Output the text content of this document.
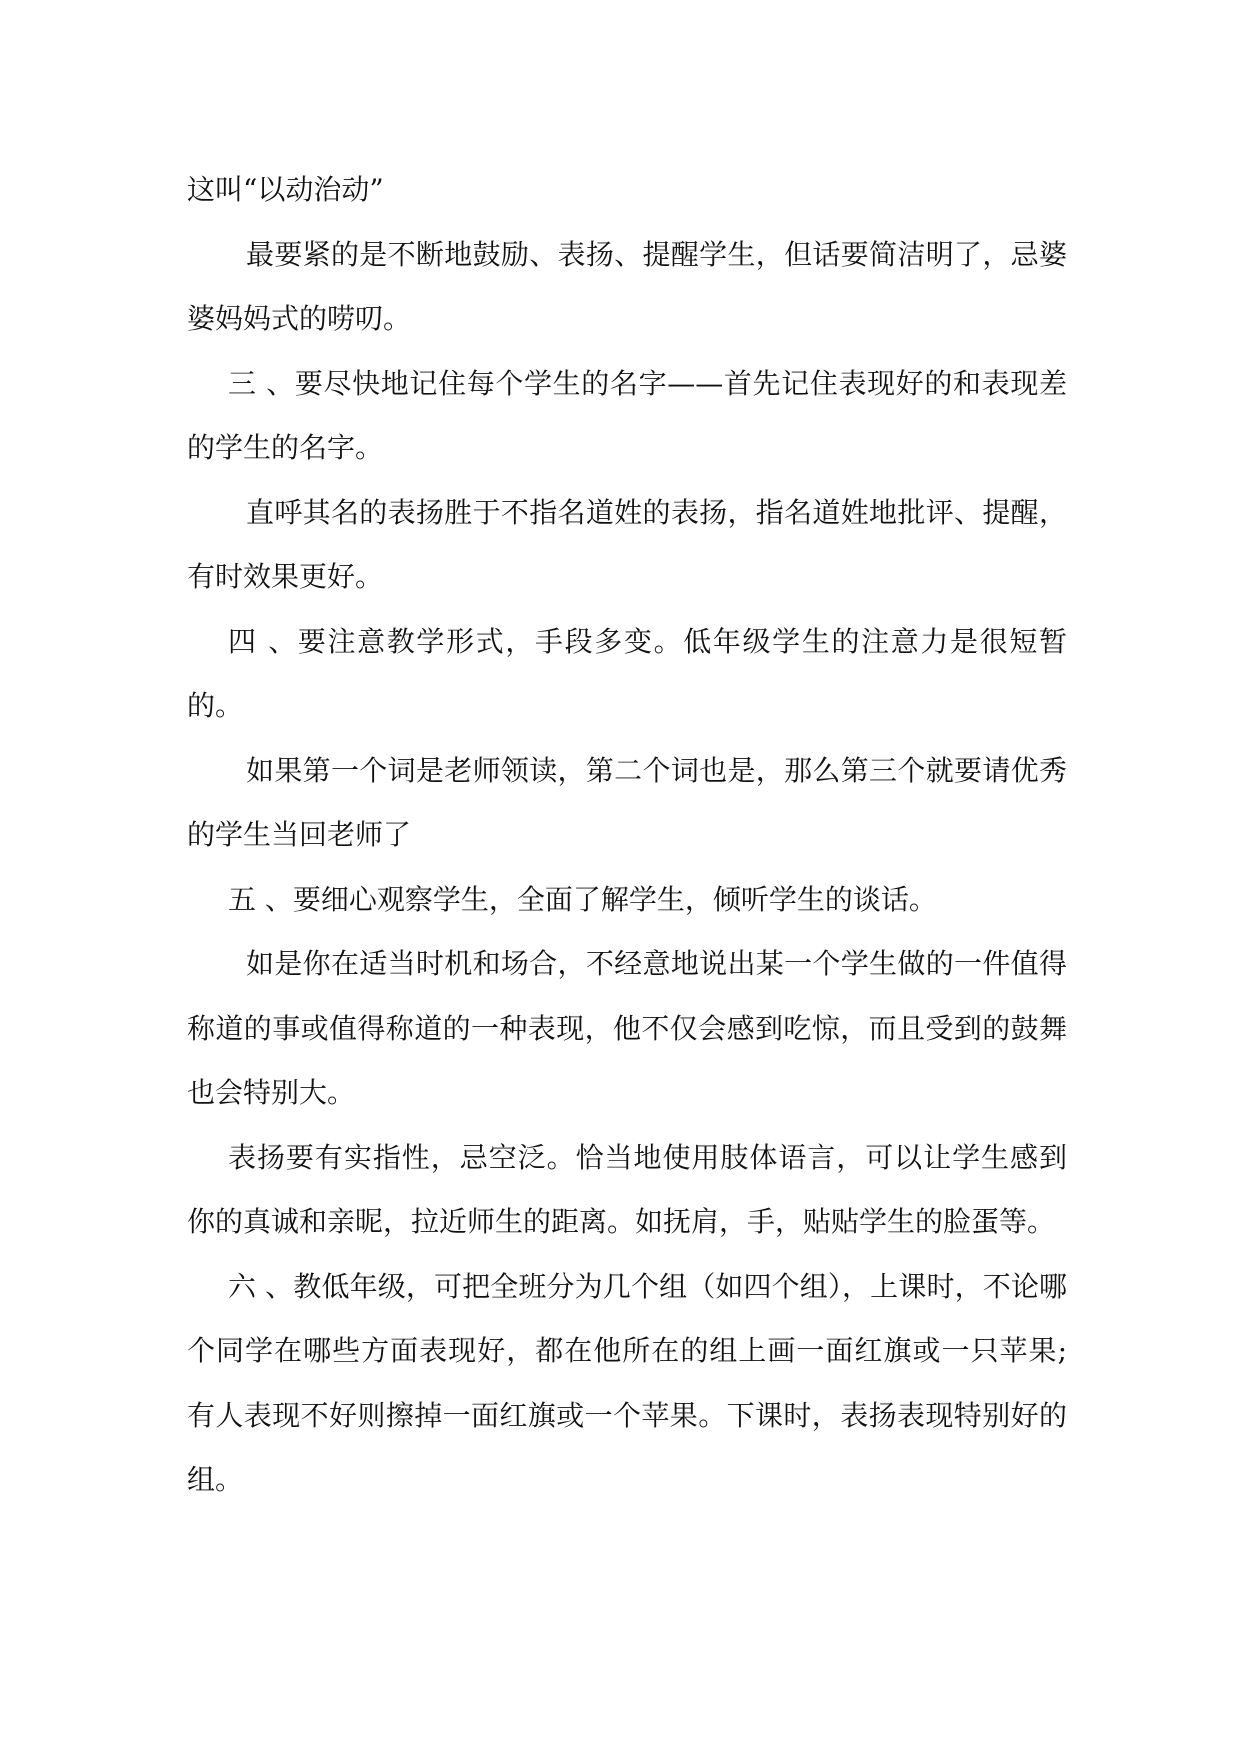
这叫“以动治动”

最要紧的是不断地鼓励、表扬、提醒学生，但话要简洁明了，忌婆婆妈妈式的唠叨。

三 、要尽快地记住每个学生的名字——首先记住表现好的和表现差的学生的名字。

直呼其名的表扬胜于不指名道姓的表扬，指名道姓地批评、提醒，有时效果更好。

四 、要注意教学形式，手段多变。低年级学生的注意力是很短暂的。

如果第一个词是老师领读，第二个词也是，那么第三个就要请优秀的学生当回老师了

五 、要细心观察学生，全面了解学生，倾听学生的谈话。

如是你在适当时机和场合，不经意地说出某一个学生做的一件值得称道的事或值得称道的一种表现，他不仅会感到吃惊，而且受到的鼓舞也会特别大。

表扬要有实指性，忌空泛。恰当地使用肢体语言，可以让学生感到你的真诚和亲昵，拉近师生的距离。如抚肩，手，贴贴学生的脸蛋等。

六 、教低年级，可把全班分为几个组（如四个组），上课时，不论哪个同学在哪些方面表现好，都在他所在的组上画一面红旗或一只苹果; 有人表现不好则擦掉一面红旗或一个苹果。下课时，表扬表现特别好的组。
